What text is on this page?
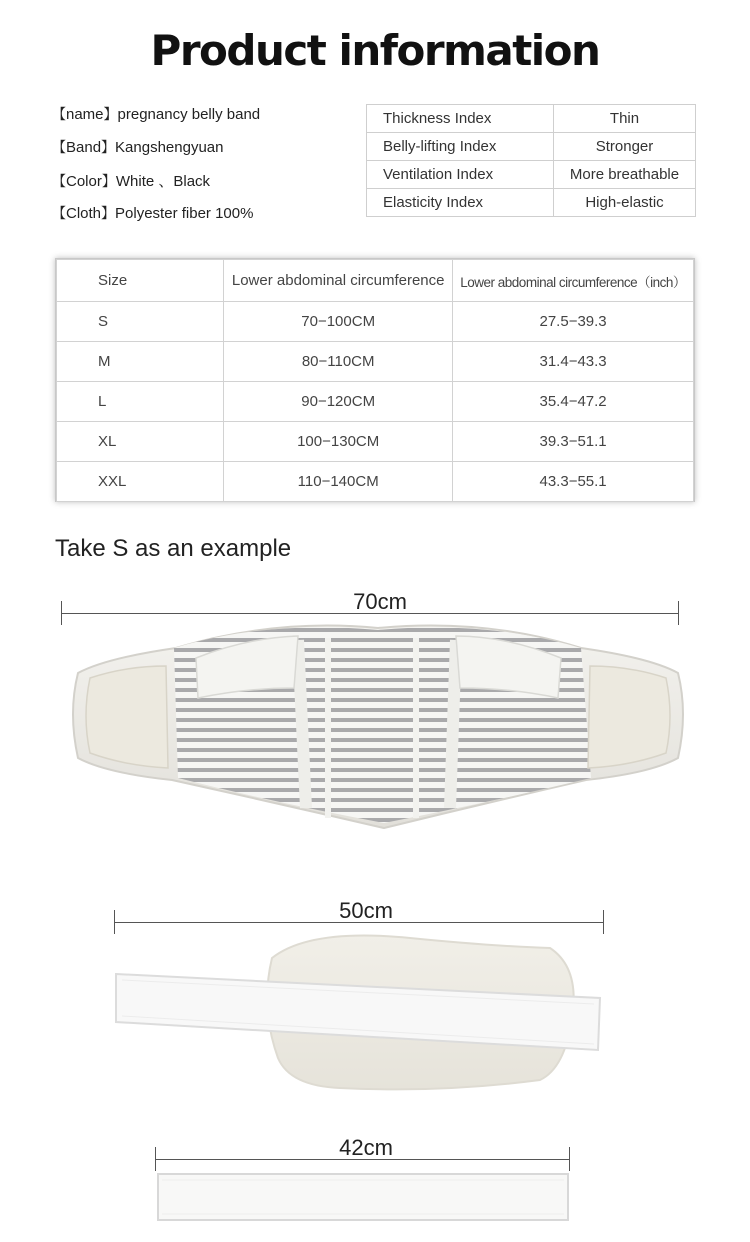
Product information
【name】pregnancy belly band
【Band】Kangshengyuan
【Color】White 、Black
【Cloth】Polyester fiber 100%
Thickness Index	Thin
Belly-lifting Index	Stronger
Ventilation Index	More breathable
Elasticity Index	High-elastic
Size	Lower abdominal circumference	Lower abdominal circumference（inch）
S	70−100CM	27.5−39.3
M	80−110CM	31.4−43.3
L	90−120CM	35.4−47.2
XL	100−130CM	39.3−51.1
XXL	110−140CM	43.3−55.1
Take S as an example
70cm
50cm
42cm
